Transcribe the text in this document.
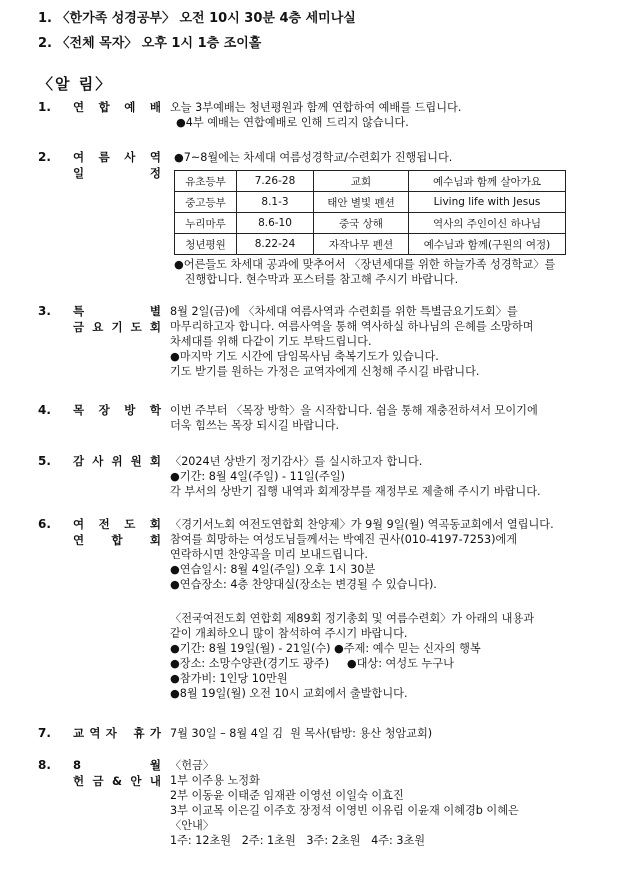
1. 〈한가족 성경공부〉 오전 10시 30분 4층 세미나실
2. 〈전체 목자〉 오후 1시 1층 조이홀
〈알 림〉
1. 연 합 예 배 오늘 3부예배는 청년평원과 함께 연합하여 예배를 드립니다.
●4부 예배는 연합예배로 인해 드리지 않습니다.
2. 여 름 사 역
일	정
●7~8월에는 차세대 여름성경학교/수련회가 진행됩니다.
유초등부	7.26-28	교회	예수님과 함께 살아가요
중고등부	8.1-3	태안 별빛 펜션	Living life with Jesus
누리마루	8.6-10	중국 상해	역사의 주인이신 하나님
청년평원	8.22-24	자작나무 펜션	예수님과 함께(구원의 여정)
●어른들도 차세대 공과에 맞추어서 〈장년세대를 위한 하늘가족 성경학교〉를
진행합니다. 현수막과 포스터를 참고해 주시기 바랍니다.
3. 특	별
금 요 기 도 회
8월 2일(금)에 〈차세대 여름사역과 수련회를 위한 특별금요기도회〉를
마무리하고자 합니다. 여름사역을 통해 역사하실 하나님의 은혜를 소망하며
차세대를 위해 다같이 기도 부탁드립니다.
●마지막 기도 시간에 담임목사님 축복기도가 있습니다.
기도 받기를 원하는 가정은 교역자에게 신청해 주시길 바랍니다.
4. 목 장 방 학 이번 주부터 〈목장 방학〉을 시작합니다. 쉼을 통해 재충전하셔서 모이기에
더욱 힘쓰는 목장 되시길 바랍니다.
5. 감 사 위 원 회 〈2024년 상반기 정기감사〉를 실시하고자 합니다.
●기간: 8월 4일(주일) - 11일(주일)
각 부서의 상반기 집행 내역과 회계장부를 재정부로 제출해 주시기 바랍니다.
6. 여 전 도 회
연 합 회
〈경기서노회 여전도연합회 찬양제〉가 9월 9일(월) 역곡동교회에서 열립니다.
참여를 희망하는 여성도님들께서는 박예진 권사(010-4197-7253)에게
연락하시면 찬양곡을 미리 보내드립니다.
●연습일시: 8월 4일(주일) 오후 1시 30분
●연습장소: 4층 찬양대실(장소는 변경될 수 있습니다).
〈전국여전도회 연합회 제89회 정기총회 및 여름수련회〉가 아래의 내용과
같이 개최하오니 많이 참석하여 주시기 바랍니다.
●기간: 8월 19일(월) - 21일(수) ●주제: 예수 믿는 신자의 행복
●장소: 소망수양관(경기도 광주)     ●대상: 여성도 누구나
●참가비: 1인당 10만원
●8월 19일(월) 오전 10시 교회에서 출발합니다.
7. 교 역 자 휴 가 7월 30일 – 8월 4일 김  원 목사(탐방: 용산 청암교회)
8. 8	월
헌 금 & 안 내
〈헌금〉
1부 이주용 노정화
2부 이동윤 이태준 임재관 이영선 이일숙 이효진
3부 이교목 이은길 이주호 장정석 이영빈 이유림 이윤재 이혜경b 이혜은
〈안내〉
1주: 12초원   2주: 1초원   3주: 2초원   4주: 3초원
